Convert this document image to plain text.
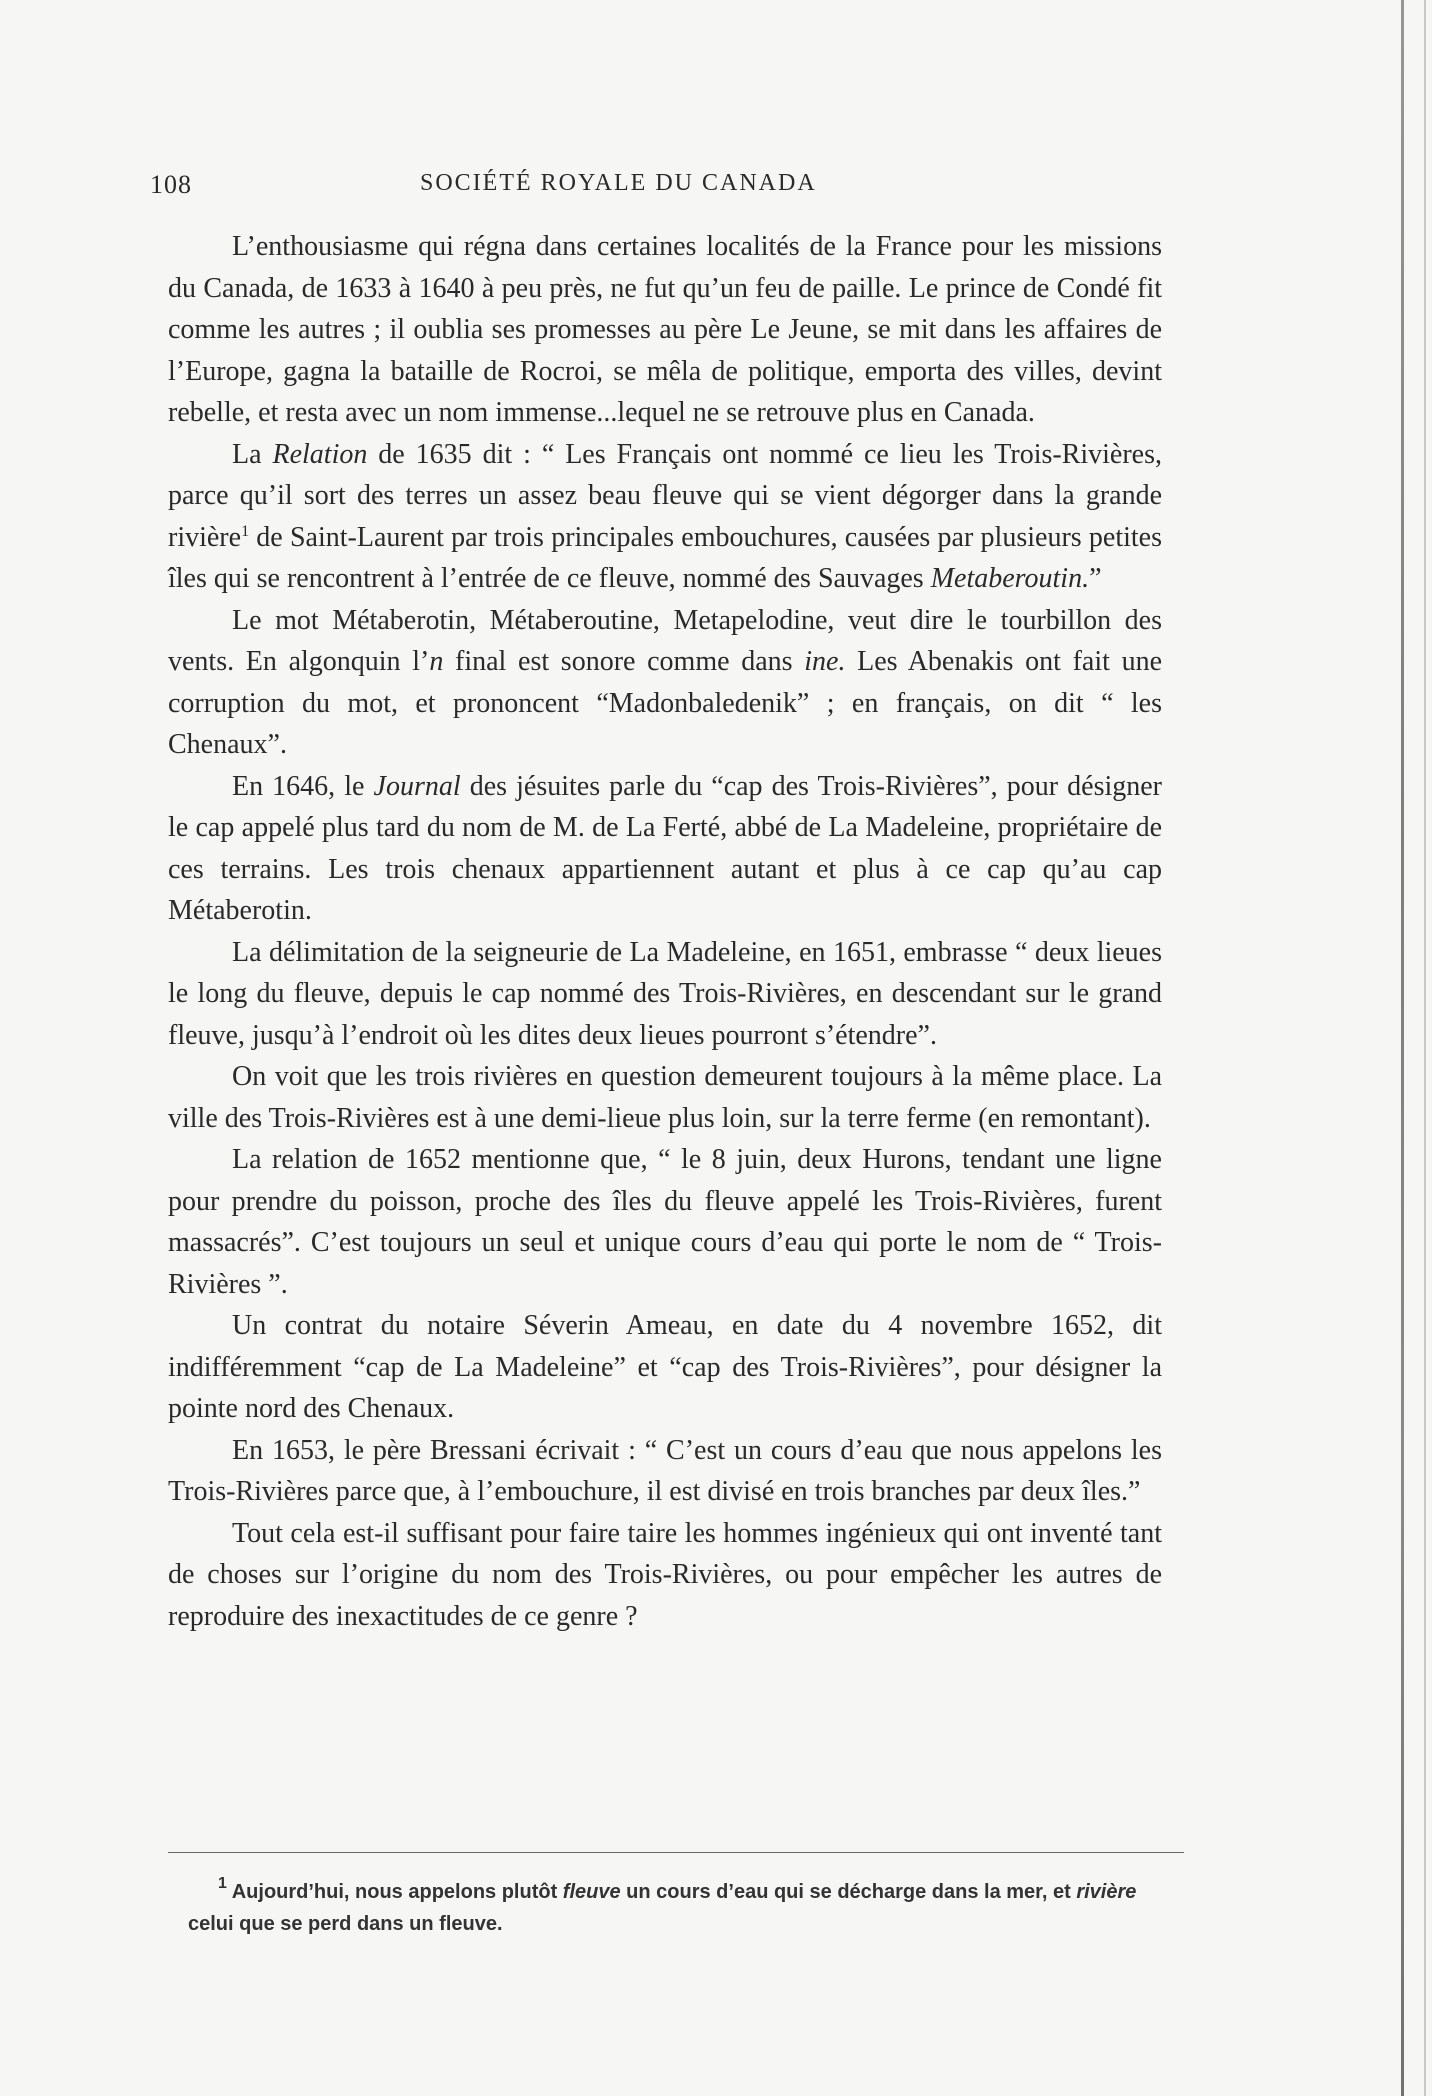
108	SOCIÉTÉ ROYALE DU CANADA

L’enthousiasme qui régna dans certaines localités de la France pour les missions du Canada, de 1633 à 1640 à peu près, ne fut qu’un feu de paille. Le prince de Condé fit comme les autres ; il oublia ses promesses au père Le Jeune, se mit dans les affaires de l’Europe, gagna la bataille de Rocroi, se mêla de politique, emporta des villes, devint rebelle, et resta avec un nom immense...lequel ne se retrouve plus en Canada.

La Relation de 1635 dit : “ Les Français ont nommé ce lieu les Trois-Rivières, parce qu’il sort des terres un assez beau fleuve qui se vient dégorger dans la grande rivière$^1$ de Saint-Laurent par trois principales embouchures, causées par plusieurs petites îles qui se rencontrent à l’entrée de ce fleuve, nommé des Sauvages Metaberoutin.”

Le mot Métaberotin, Métaberoutine, Metapelodine, veut dire le tourbillon des vents. En algonquin l’n final est sonore comme dans ine. Les Abenakis ont fait une corruption du mot, et prononcent “Madonbaledenik” ; en français, on dit “ les Chenaux”.

En 1646, le Journal des jésuites parle du “cap des Trois-Rivières”, pour désigner le cap appelé plus tard du nom de M. de La Ferté, abbé de La Madeleine, propriétaire de ces terrains. Les trois chenaux appartiennent autant et plus à ce cap qu’au cap Métaberotin.

La délimitation de la seigneurie de La Madeleine, en 1651, embrasse “ deux lieues le long du fleuve, depuis le cap nommé des Trois-Rivières, en descendant sur le grand fleuve, jusqu’à l’endroit où les dites deux lieues pourront s’étendre”.

On voit que les trois rivières en question demeurent toujours à la même place. La ville des Trois-Rivières est à une demi-lieue plus loin, sur la terre ferme (en remontant).

La relation de 1652 mentionne que, “ le 8 juin, deux Hurons, tendant une ligne pour prendre du poisson, proche des îles du fleuve appelé les Trois-Rivières, furent massacrés”. C’est toujours un seul et unique cours d’eau qui porte le nom de “ Trois-Rivières ”.

Un contrat du notaire Séverin Ameau, en date du 4 novembre 1652, dit indifféremment “cap de La Madeleine” et “cap des Trois-Rivières”, pour désigner la pointe nord des Chenaux.

En 1653, le père Bressani écrivait : “ C’est un cours d’eau que nous appelons les Trois-Rivières parce que, à l’embouchure, il est divisé en trois branches par deux îles.”

Tout cela est-il suffisant pour faire taire les hommes ingénieux qui ont inventé tant de choses sur l’origine du nom des Trois-Rivières, ou pour empêcher les autres de reproduire des inexactitudes de ce genre ?

$^1$ Aujourd’hui, nous appelons plutôt fleuve un cours d’eau qui se décharge dans la mer, et rivière celui que se perd dans un fleuve.
